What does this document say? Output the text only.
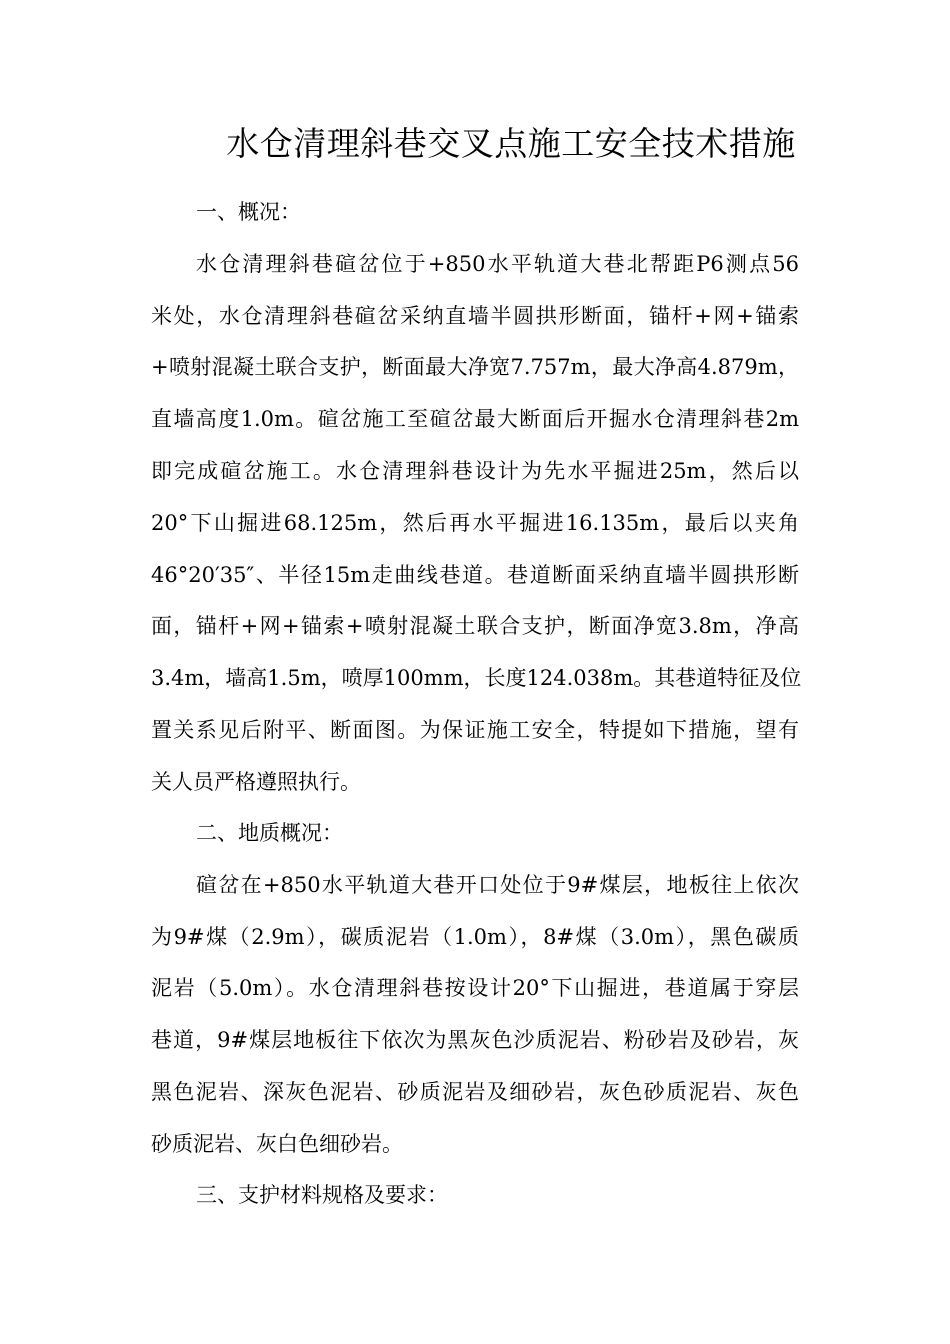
水仓清理斜巷交叉点施工安全技术措施
一、概况：
水仓清理斜巷碹岔位于+850水平轨道大巷北帮距P6测点56
米处，水仓清理斜巷碹岔采纳直墙半圆拱形断面，锚杆+网+锚索
+喷射混凝土联合支护，断面最大净宽7.757m，最大净高4.879m，
直墙高度1.0m。碹岔施工至碹岔最大断面后开掘水仓清理斜巷2m
即完成碹岔施工。水仓清理斜巷设计为先水平掘进25m，然后以
20°下山掘进68.125m，然后再水平掘进16.135m，最后以夹角
46°20′35″、半径15m走曲线巷道。巷道断面采纳直墙半圆拱形断
面，锚杆+网+锚索+喷射混凝土联合支护，断面净宽3.8m，净高
3.4m，墙高1.5m，喷厚100mm，长度124.038m。其巷道特征及位
置关系见后附平、断面图。为保证施工安全，特提如下措施，望有
关人员严格遵照执行。
二、地质概况：
碹岔在+850水平轨道大巷开口处位于9#煤层，地板往上依次
为9#煤（2.9m），碳质泥岩（1.0m），8#煤（3.0m），黑色碳质
泥岩（5.0m）。水仓清理斜巷按设计20°下山掘进，巷道属于穿层
巷道，9#煤层地板往下依次为黑灰色沙质泥岩、粉砂岩及砂岩，灰
黑色泥岩、深灰色泥岩、砂质泥岩及细砂岩，灰色砂质泥岩、灰色
砂质泥岩、灰白色细砂岩。
三、支护材料规格及要求：
